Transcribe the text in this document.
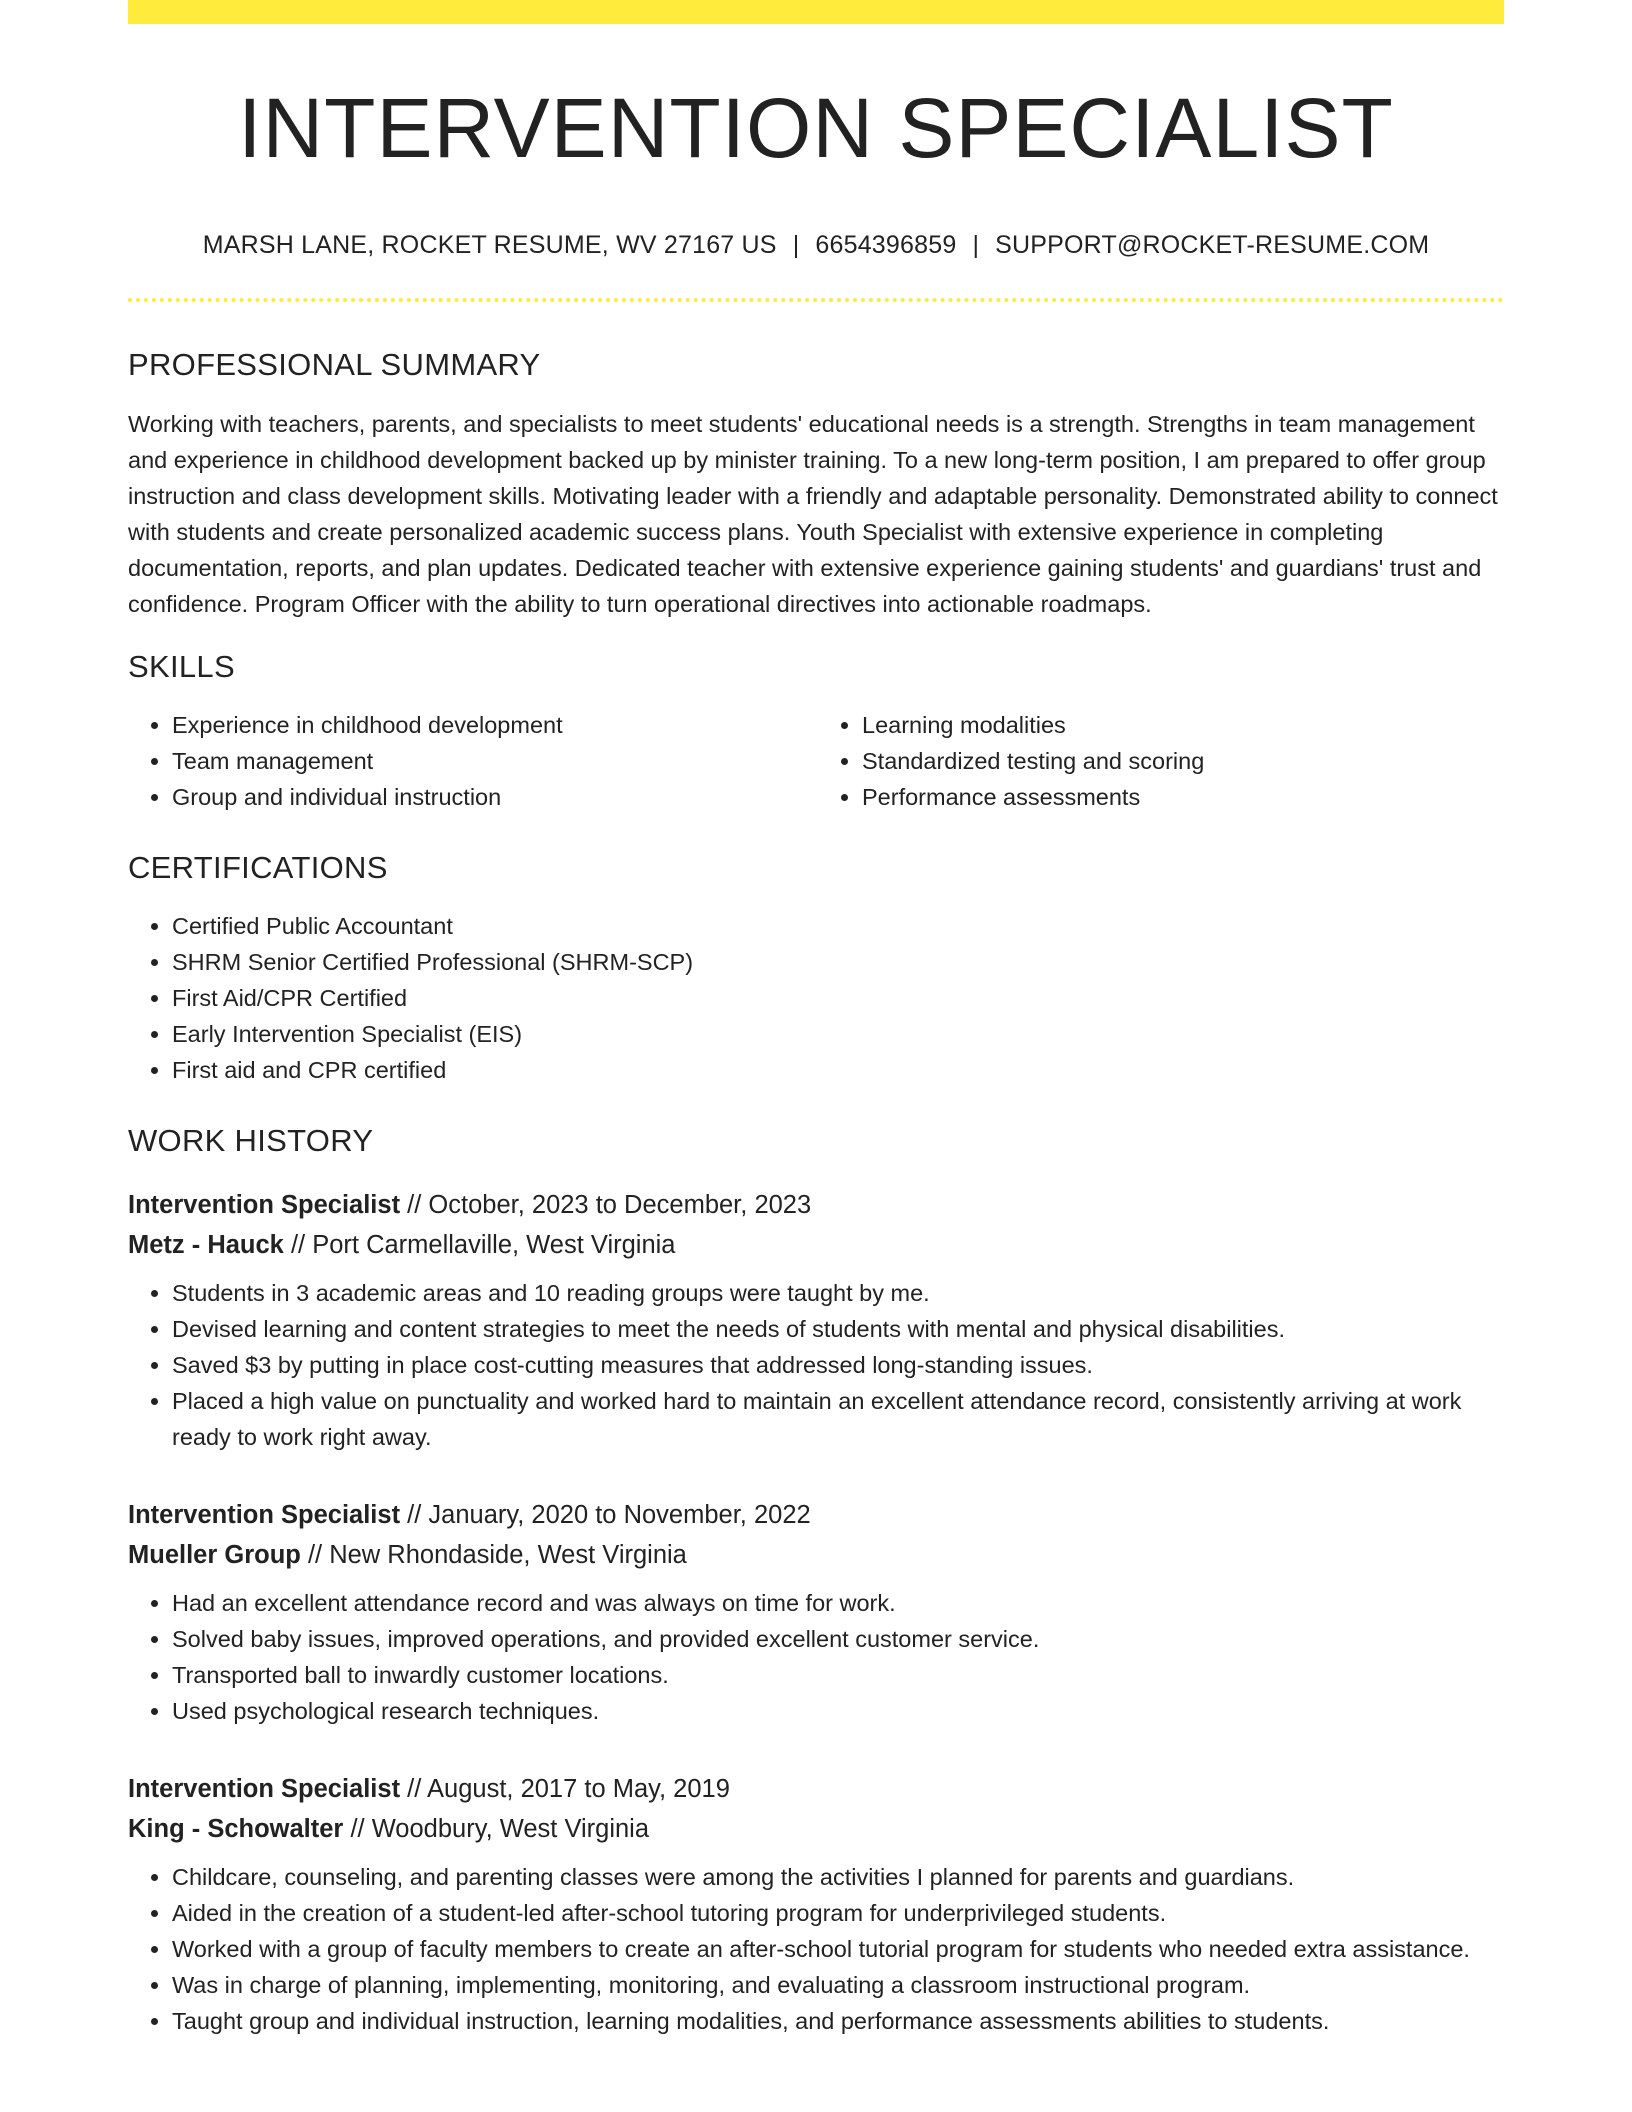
INTERVENTION SPECIALIST
MARSH LANE, ROCKET RESUME, WV 27167 US | 6654396859 | SUPPORT@ROCKET-RESUME.COM
PROFESSIONAL SUMMARY

Working with teachers, parents, and specialists to meet students' educational needs is a strength. Strengths in team management and experience in childhood development backed up by minister training. To a new long-term position, I am prepared to offer group instruction and class development skills. Motivating leader with a friendly and adaptable personality. Demonstrated ability to connect with students and create personalized academic success plans. Youth Specialist with extensive experience in completing documentation, reports, and plan updates. Dedicated teacher with extensive experience gaining students' and guardians' trust and confidence. Program Officer with the ability to turn operational directives into actionable roadmaps.

SKILLS
• Experience in childhood development
• Team management
• Group and individual instruction
• Learning modalities
• Standardized testing and scoring
• Performance assessments
CERTIFICATIONS
• Certified Public Accountant
• SHRM Senior Certified Professional (SHRM-SCP)
• First Aid/CPR Certified
• Early Intervention Specialist (EIS)
• First aid and CPR certified
WORK HISTORY
Intervention Specialist // October, 2023 to December, 2023
Metz - Hauck // Port Carmellaville, West Virginia
• Students in 3 academic areas and 10 reading groups were taught by me.
• Devised learning and content strategies to meet the needs of students with mental and physical disabilities.
• Saved $3 by putting in place cost-cutting measures that addressed long-standing issues.
• Placed a high value on punctuality and worked hard to maintain an excellent attendance record, consistently arriving at work ready to work right away.
Intervention Specialist // January, 2020 to November, 2022
Mueller Group // New Rhondaside, West Virginia
• Had an excellent attendance record and was always on time for work.
• Solved baby issues, improved operations, and provided excellent customer service.
• Transported ball to inwardly customer locations.
• Used psychological research techniques.
Intervention Specialist // August, 2017 to May, 2019
King - Schowalter // Woodbury, West Virginia
• Childcare, counseling, and parenting classes were among the activities I planned for parents and guardians.
• Aided in the creation of a student-led after-school tutoring program for underprivileged students.
• Worked with a group of faculty members to create an after-school tutorial program for students who needed extra assistance.
• Was in charge of planning, implementing, monitoring, and evaluating a classroom instructional program.
• Taught group and individual instruction, learning modalities, and performance assessments abilities to students.
